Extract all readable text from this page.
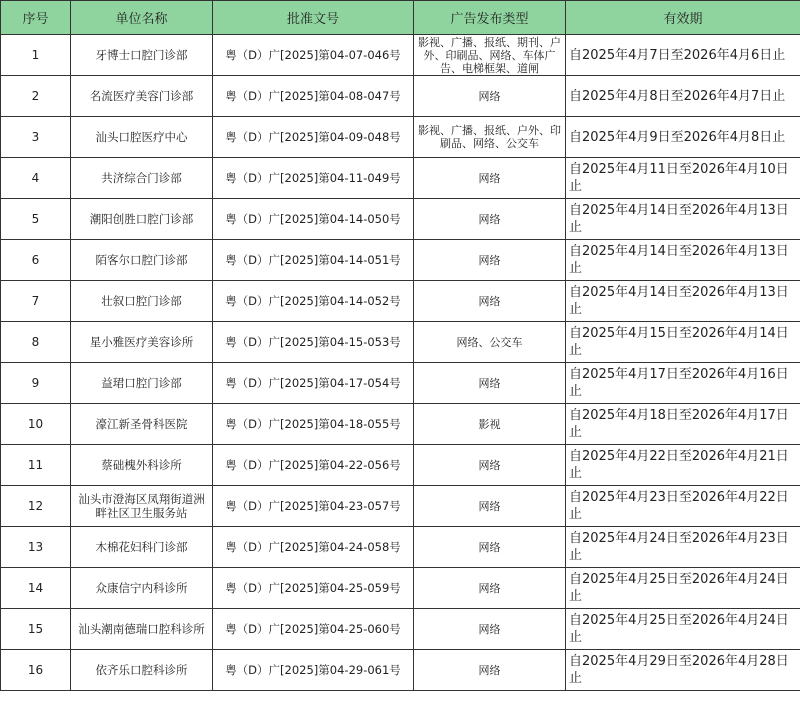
序号	单位名称	批准文号	广告发布类型	有效期
1	牙博士口腔门诊部	粤（D）广[2025]第04-07-046号	影视、广播、报纸、期刊、户外、印刷品、网络、车体广告、电梯框架、道闸	自2025年4月7日至2026年4月6日止
2	名流医疗美容门诊部	粤（D）广[2025]第04-08-047号	网络	自2025年4月8日至2026年4月7日止
3	汕头口腔医疗中心	粤（D）广[2025]第04-09-048号	影视、广播、报纸、户外、印刷品、网络、公交车	自2025年4月9日至2026年4月8日止
4	共济综合门诊部	粤（D）广[2025]第04-11-049号	网络	自2025年4月11日至2026年4月10日止
5	潮阳创胜口腔门诊部	粤（D）广[2025]第04-14-050号	网络	自2025年4月14日至2026年4月13日止
6	陌客尔口腔门诊部	粤（D）广[2025]第04-14-051号	网络	自2025年4月14日至2026年4月13日止
7	壮叙口腔门诊部	粤（D）广[2025]第04-14-052号	网络	自2025年4月14日至2026年4月13日止
8	星小雅医疗美容诊所	粤（D）广[2025]第04-15-053号	网络、公交车	自2025年4月15日至2026年4月14日止
9	益珺口腔门诊部	粤（D）广[2025]第04-17-054号	网络	自2025年4月17日至2026年4月16日止
10	濠江新圣骨科医院	粤（D）广[2025]第04-18-055号	影视	自2025年4月18日至2026年4月17日止
11	蔡础槐外科诊所	粤（D）广[2025]第04-22-056号	网络	自2025年4月22日至2026年4月21日止
12	汕头市澄海区凤翔街道洲畔社区卫生服务站	粤（D）广[2025]第04-23-057号	网络	自2025年4月23日至2026年4月22日止
13	木棉花妇科门诊部	粤（D）广[2025]第04-24-058号	网络	自2025年4月24日至2026年4月23日止
14	众康信宁内科诊所	粤（D）广[2025]第04-25-059号	网络	自2025年4月25日至2026年4月24日止
15	汕头潮南德瑞口腔科诊所	粤（D）广[2025]第04-25-060号	网络	自2025年4月25日至2026年4月24日止
16	依齐乐口腔科诊所	粤（D）广[2025]第04-29-061号	网络	自2025年4月29日至2026年4月28日止
